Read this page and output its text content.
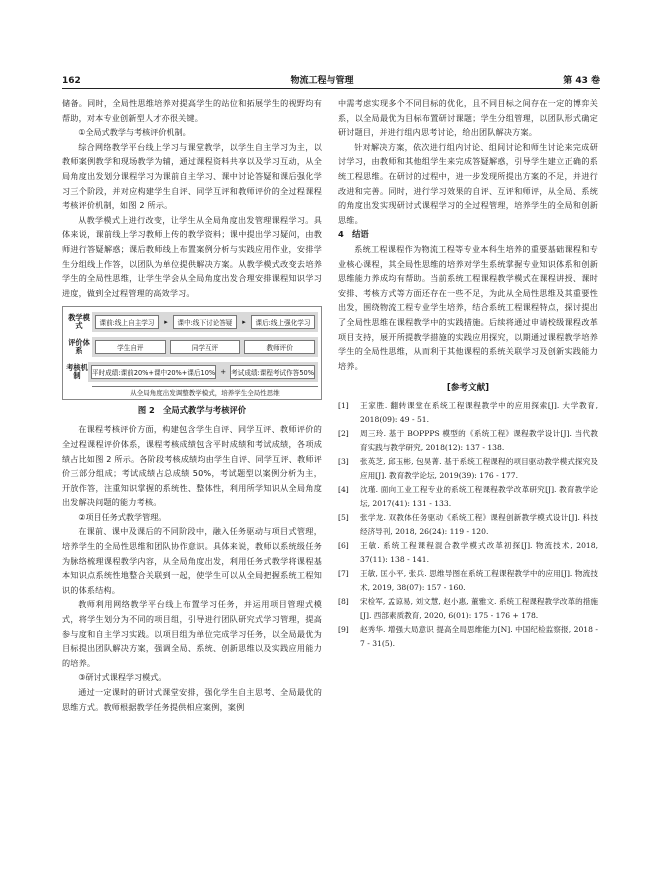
162	物流工程与管理	第 43 卷

储备。同时，全局性思维培养对提高学生的站位和拓展学生的视野均有帮助，对本专业创新型人才亦很关键。

①全局式教学与考核评价机制。

综合网络教学平台线上学习与课堂教学，以学生自主学习为主，以教师案例教学和现场教学为辅，通过课程资料共享以及学习互动，从全局角度出发划分课程学习为课前自主学习、课中讨论答疑和课后强化学习三个阶段，并对应构建学生自评、同学互评和教师评价的全过程课程考核评价机制，如图 2 所示。

从教学模式上进行改变，让学生从全局角度出发管理课程学习。具体来说，课前线上学习教师上传的教学资料；课中提出学习疑问，由教师进行答疑解惑；课后教师线上布置案例分析与实践应用作业，安排学生分组线上作答，以团队为单位提供解决方案。从教学模式改变去培养学生的全局性思维，让学生学会从全局角度出发合理安排课程知识学习进度，做到全过程管理的高效学习。

教学模式	课前:线上自主学习	▸	课中:线下讨论答疑	▸	课后:线上强化学习
评价体系	学生自评	同学互评	教师评价
考核机制	平时成绩:课前20%+课中20%+课后10% + 考试成绩:课程考试作答50%
从全局角度出发调整教学模式，培养学生全局性思维
图 2　全局式教学与考核评价

在课程考核评价方面，构建包含学生自评、同学互评、教师评价的全过程课程评价体系，课程考核成绩包含平时成绩和考试成绩，各项成绩占比如图 2 所示。各阶段考核成绩均由学生自评、同学互评、教师评价三部分组成；考试成绩占总成绩 50%，考试题型以案例分析为主，开放作答，注重知识掌握的系统性、整体性，利用所学知识从全局角度出发解决问题的能力考核。

②项目任务式教学管理。

在课前、课中及课后的不同阶段中，融入任务驱动与项目式管理，培养学生的全局性思维和团队协作意识。具体来说，教师以系统级任务为脉络梳理课程教学内容，从全局角度出发，利用任务式教学将课程基本知识点系统性地整合关联到一起，使学生可以从全局把握系统工程知识的体系结构。

教师利用网络教学平台线上布置学习任务，并运用项目管理式模式，将学生划分为不同的项目组，引导进行团队研究式学习管理，提高参与度和自主学习实践。以项目组为单位完成学习任务，以全局最优为目标提出团队解决方案，强调全局、系统、创新思维以及实践应用能力的培养。

③研讨式课程学习模式。

通过一定课时的研讨式课堂安排，强化学生自主思考、全局最优的思维方式。教师根据教学任务提供相应案例，案例

中需考虑实现多个不同目标的优化，且不同目标之间存在一定的博弈关系，以全局最优为目标布置研讨课题；学生分组管理，以团队形式确定研讨题目，并进行组内思考讨论，给出团队解决方案。

针对解决方案，依次进行组内讨论、组间讨论和师生讨论来完成研讨学习，由教师和其他组学生来完成答疑解惑，引导学生建立正确的系统工程思维。在研讨的过程中，进一步发现所提出方案的不足，并进行改进和完善。同时，进行学习效果的自评、互评和师评，从全局、系统的角度出发实现研讨式课程学习的全过程管理，培养学生的全局和创新思维。

4　结语

系统工程课程作为物流工程等专业本科生培养的重要基础课程和专业核心课程，其全局性思维的培养对学生系统掌握专业知识体系和创新思维能力养成均有帮助。当前系统工程课程教学模式在课程讲授、课时安排、考核方式等方面还存在一些不足，为此从全局性思维及其重要性出发，围绕物流工程专业学生培养，结合系统工程课程特点，探讨提出了全局性思维在课程教学中的实践措施。后续将通过申请校级课程改革项目支持，展开所提教学措施的实践应用探究，以期通过课程教学培养学生的全局性思维，从而利于其他课程的系统关联学习及创新实践能力培养。

[参考文献]
[1]	王家胜. 翻转课堂在系统工程课程教学中的应用探索[J]. 大学教育, 2018(09): 49 - 51.
[2]	周三玲. 基于 BOPPPS 模型的《系统工程》课程教学设计[J]. 当代教育实践与教学研究, 2018(12): 137 - 138.
[3]	张英芝, 邱玉彬, 包昊菁. 基于系统工程课程的项目驱动教学模式探究及应用[J]. 教育教学论坛, 2019(39): 176 - 177.
[4]	沈瑾. 面向工业工程专业的系统工程课程教学改革研究[J]. 教育教学论坛, 2017(41): 131 - 133.
[5]	张学龙. 双教体任务驱动《系统工程》课程创新教学模式设计[J]. 科技经济导刊, 2018, 26(24): 119 - 120.
[6]	王敏. 系统工程课程混合教学模式改革初探[J]. 物流技术, 2018, 37(11): 138 - 141.
[7]	王敏, 匡小平, 张兵. 思维导图在系统工程课程教学中的应用[J]. 物流技术, 2019, 38(07): 157 - 160.
[8]	宋检军, 孟谅易, 刘文慧, 赵小惠, 董雅文. 系统工程课程教学改革的措施[J]. 西部素质教育, 2020, 6(01): 175 - 176 + 178.
[9]	赵秀华. 增强大局意识 提高全局思维能力[N]. 中国纪检监察报, 2018 - 7 - 31(5).
